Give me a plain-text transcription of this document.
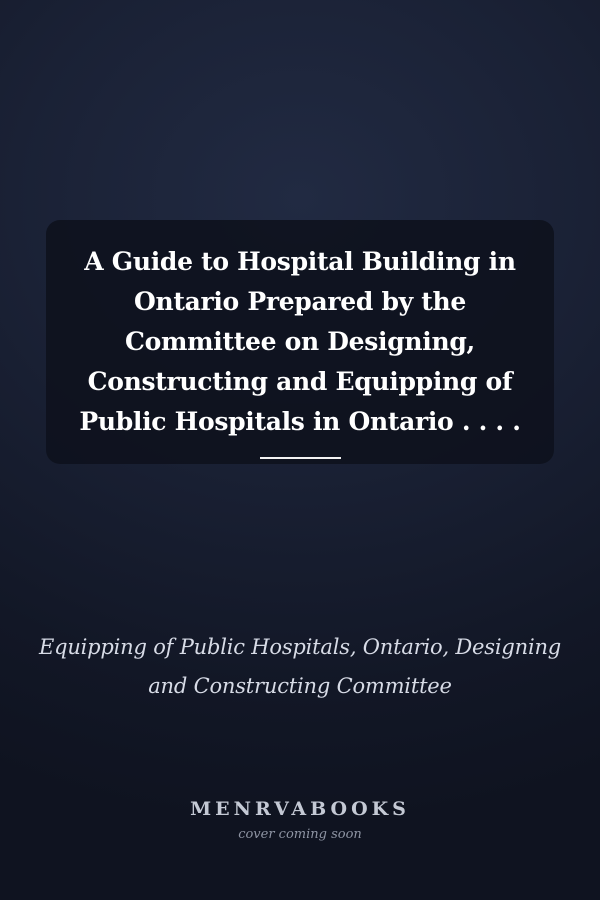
A Guide to Hospital Building in Ontario Prepared by the Committee on Designing, Constructing and Equipping of Public Hospitals in Ontario . . . .

Equipping of Public Hospitals, Ontario, Designing and Constructing Committee

MENRVABOOKS
cover coming soon
